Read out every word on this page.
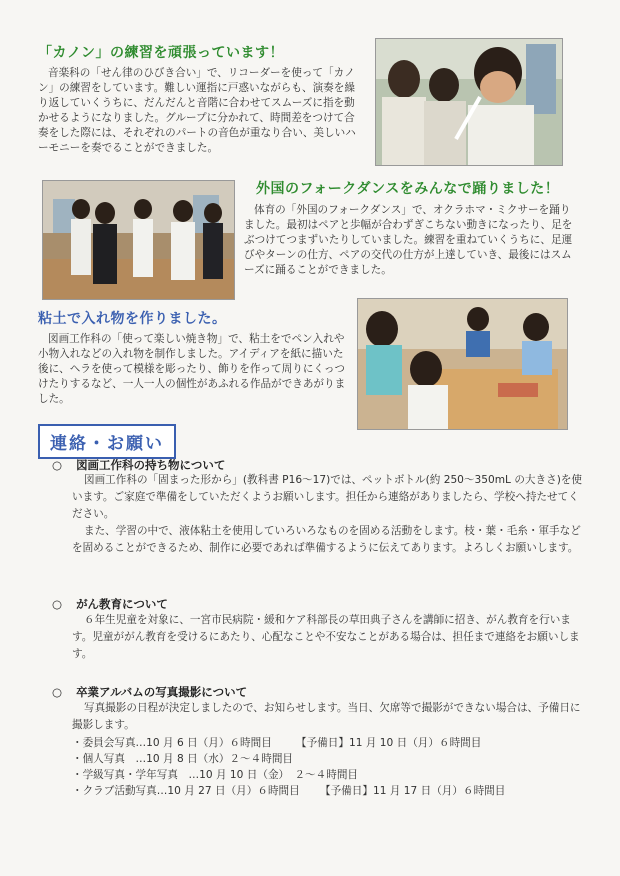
「カノン」の練習を頑張っています！
音楽科の「せん律のひびき合い」で、リコーダーを使って「カノン」の練習をしています。難しい運指に戸惑いながらも、演奏を繰り返していくうちに、だんだんと音階に合わせてスムーズに指を動かせるようになりました。グループに分かれて、時間差をつけて合奏をした際には、それぞれのパートの音色が重なり合い、美しいハーモニーを奏でることができました。
外国のフォークダンスをみんなで踊りました！
体育の「外国のフォークダンス」で、オクラホマ・ミクサーを踊りました。最初はペアと歩幅が合わずぎこちない動きになったり、足をぶつけてつまずいたりしていました。練習を重ねていくうちに、足運びやターンの仕方、ペアの交代の仕方が上達していき、最後にはスムーズに踊ることができました。
粘土で入れ物を作りました。
図画工作科の「使って楽しい焼き物」で、粘土をでペン入れや小物入れなどの入れ物を制作しました。アイディアを紙に描いた後に、ヘラを使って模様を彫ったり、飾りを作って周りにくっつけたりするなど、一人一人の個性があふれる作品ができあがりました。
連絡・お願い
○ 図画工作科の持ち物について
図画工作科の「固まった形から」(教科書 P16～17)では、ペットボトル(約 250～350mL の大きさ)を使います。ご家庭で準備をしていただくようお願いします。担任から連絡がありましたら、学校へ持たせてください。
また、学習の中で、液体粘土を使用していろいろなものを固める活動をします。枝・葉・毛糸・軍手などを固めることができるため、制作に必要であれば準備するように伝えてあります。よろしくお願いします。
○ がん教育について
６年生児童を対象に、一宮市民病院・緩和ケア科部長の草田典子さんを講師に招き、がん教育を行います。児童ががん教育を受けるにあたり、心配なことや不安なことがある場合は、担任まで連絡をお願いします。
○ 卒業アルバムの写真撮影について
写真撮影の日程が決定しましたので、お知らせします。当日、欠席等で撮影ができない場合は、予備日に撮影します。
・委員会写真…10 月 6 日（月）６時間目 【予備日】11 月 10 日（月）６時間目
・個人写真　…10 月 8 日（水）２～４時間目
・学級写真・学年写真　…10 月 10 日（金）　２～４時間目
・クラブ活動写真…10 月 27 日（月）６時間目 【予備日】11 月 17 日（月）６時間目
